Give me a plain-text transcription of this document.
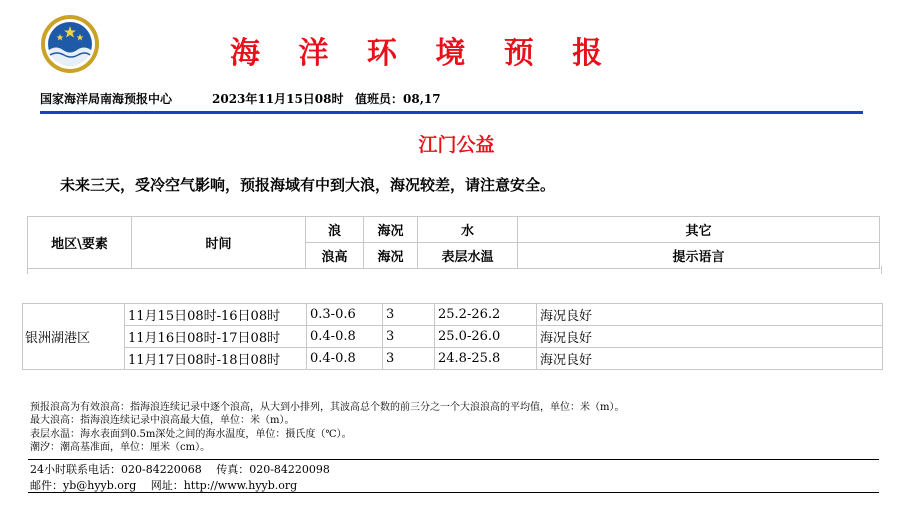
海 洋 环 境 预 报
国家海洋局南海预报中心	2023年11月15日08时 值班员：08,17
江门公益
未来三天，受冷空气影响，预报海域有中到大浪，海况较差，请注意安全。
地区\要素	时间	浪	海况	水	其它
		浪高	海况	表层水温	提示语言
银洲湖港区	11月15日08时-16日08时	0.3-0.6	3	25.2-26.2	海况良好
	11月16日08时-17日08时	0.4-0.8	3	25.0-26.0	海况良好
	11月17日08时-18日08时	0.4-0.8	3	24.8-25.8	海况良好
预报浪高为有效浪高：指海浪连续记录中逐个浪高，从大到小排列，其波高总个数的前三分之一个大浪浪高的平均值，单位：米（m）。
最大浪高：指海浪连续记录中浪高最大值，单位：米（m）。
表层水温：海水表面到0.5m深处之间的海水温度，单位：摄氏度（℃）。
潮汐：潮高基准面，单位：厘米（cm）。
24小时联系电话：020-84220068　 传真：020-84220098
邮件：yb@hyyb.org　 网址：http://www.hyyb.org
